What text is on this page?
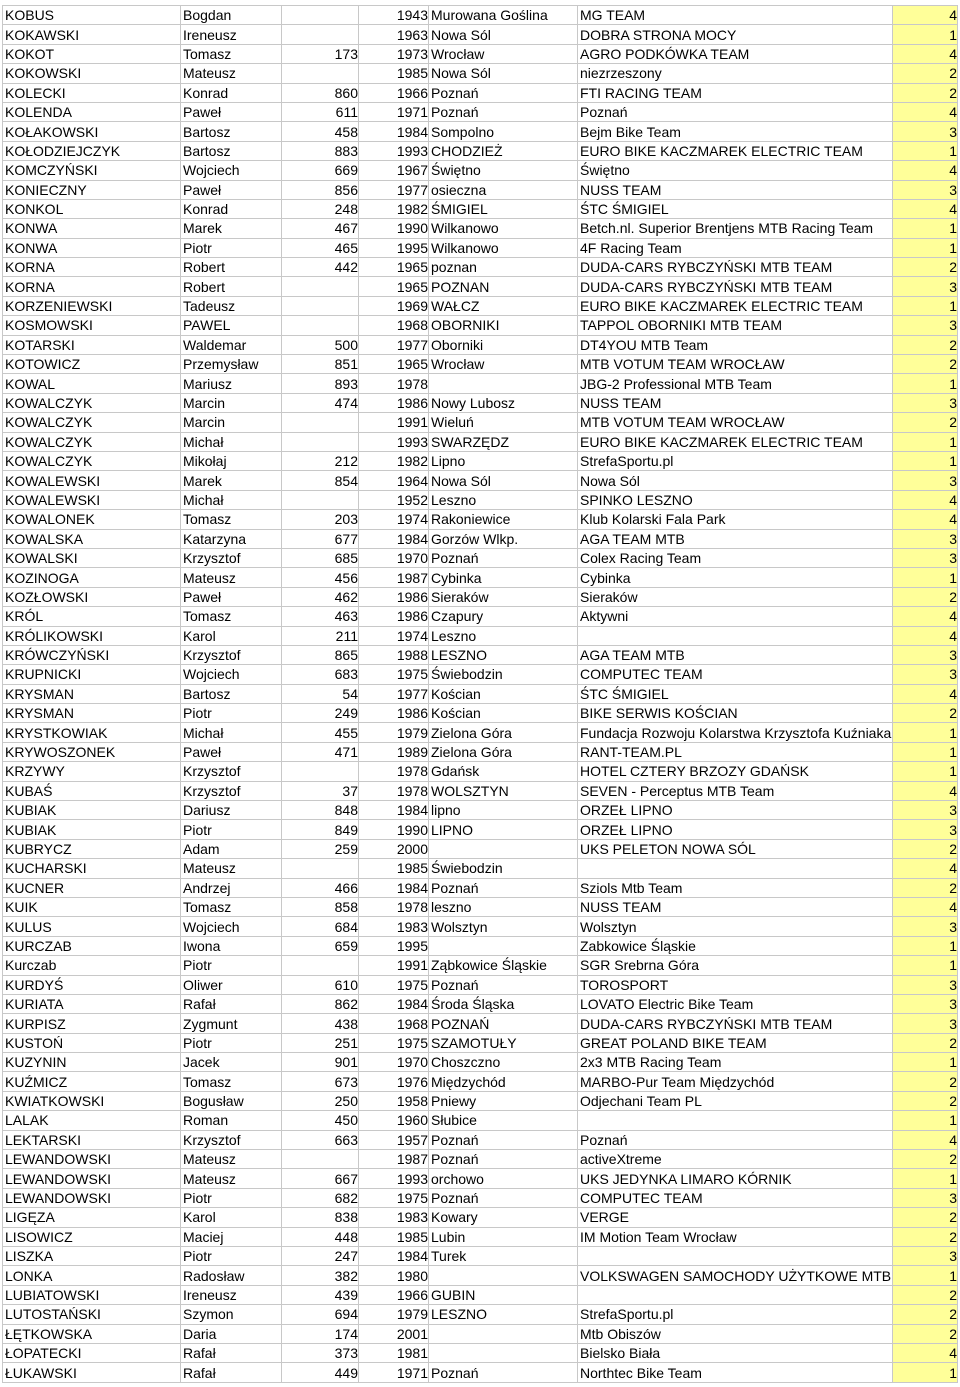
KOBUS	Bogdan		1943	Murowana Goślina	MG TEAM	4
KOKAWSKI	Ireneusz		1963	Nowa Sól	DOBRA STRONA MOCY	1
KOKOT	Tomasz	173	1973	Wrocław	AGRO PODKÓWKA TEAM	4
KOKOWSKI	Mateusz		1985	Nowa Sól	niezrzeszony	2
KOLECKI	Konrad	860	1966	Poznań	FTI RACING TEAM	2
KOLENDA	Paweł	611	1971	Poznań	Poznań	4
KOŁAKOWSKI	Bartosz	458	1984	Sompolno	Bejm Bike Team	3
KOŁODZIEJCZYK	Bartosz	883	1993	CHODZIEŻ	EURO BIKE KACZMAREK ELECTRIC TEAM	1
KOMCZYŃSKI	Wojciech	669	1967	Świętno	Świętno	4
KONIECZNY	Paweł	856	1977	osieczna	NUSS TEAM	3
KONKOL	Konrad	248	1982	ŚMIGIEL	ŚTC ŚMIGIEL	4
KONWA	Marek	467	1990	Wilkanowo	Betch.nl. Superior Brentjens MTB Racing Team	1
KONWA	Piotr	465	1995	Wilkanowo	4F Racing Team	1
KORNA	Robert	442	1965	poznan	DUDA-CARS RYBCZYŃSKI MTB TEAM	2
KORNA	Robert		1965	POZNAN	DUDA-CARS RYBCZYŃSKI MTB TEAM	3
KORZENIEWSKI	Tadeusz		1969	WAŁCZ	EURO BIKE KACZMAREK ELECTRIC TEAM	1
KOSMOWSKI	PAWEL		1968	OBORNIKI	TAPPOL OBORNIKI MTB TEAM	3
KOTARSKI	Waldemar	500	1977	Oborniki	DT4YOU MTB Team	2
KOTOWICZ	Przemysław	851	1965	Wrocław	MTB VOTUM TEAM WROCŁAW	2
KOWAL	Mariusz	893	1978		JBG-2 Professional MTB Team	1
KOWALCZYK	Marcin	474	1986	Nowy Lubosz	NUSS TEAM	3
KOWALCZYK	Marcin		1991	Wieluń	MTB VOTUM TEAM WROCŁAW	2
KOWALCZYK	Michał		1993	SWARZĘDZ	EURO BIKE KACZMAREK ELECTRIC TEAM	1
KOWALCZYK	Mikołaj	212	1982	Lipno	StrefaSportu.pl	1
KOWALEWSKI	Marek	854	1964	Nowa Sól	Nowa Sól	3
KOWALEWSKI	Michał		1952	Leszno	SPINKO LESZNO	4
KOWALONEK	Tomasz	203	1974	Rakoniewice	Klub Kolarski Fala Park	4
KOWALSKA	Katarzyna	677	1984	Gorzów Wlkp.	AGA TEAM MTB	3
KOWALSKI	Krzysztof	685	1970	Poznań	Colex Racing Team	3
KOZINOGA	Mateusz	456	1987	Cybinka	Cybinka	1
KOZŁOWSKI	Paweł	462	1986	Sieraków	Sieraków	2
KRÓL	Tomasz	463	1986	Czapury	Aktywni	4
KRÓLIKOWSKI	Karol	211	1974	Leszno		4
KRÓWCZYŃSKI	Krzysztof	865	1988	LESZNO	AGA TEAM MTB	3
KRUPNICKI	Wojciech	683	1975	Świebodzin	COMPUTEC TEAM	3
KRYSMAN	Bartosz	54	1977	Kościan	ŚTC ŚMIGIEL	4
KRYSMAN	Piotr	249	1986	Kościan	BIKE SERWIS KOŚCIAN	2
KRYSTKOWIAK	Michał	455	1979	Zielona Góra	Fundacja Rozwoju Kolarstwa Krzysztofa Kuźniaka	1
KRYWOSZONEK	Paweł	471	1989	Zielona Góra	RANT-TEAM.PL	1
KRZYWY	Krzysztof		1978	Gdańsk	HOTEL CZTERY BRZOZY GDAŃSK	1
KUBAŚ	Krzysztof	37	1978	WOLSZTYN	SEVEN - Perceptus MTB Team	4
KUBIAK	Dariusz	848	1984	lipno	ORZEŁ LIPNO	3
KUBIAK	Piotr	849	1990	LIPNO	ORZEŁ LIPNO	3
KUBRYCZ	Adam	259	2000		UKS PELETON NOWA SÓL	2
KUCHARSKI	Mateusz		1985	Świebodzin		4
KUCNER	Andrzej	466	1984	Poznań	Sziols Mtb Team	2
KUIK	Tomasz	858	1978	leszno	NUSS TEAM	4
KULUS	Wojciech	684	1983	Wolsztyn	Wolsztyn	3
KURCZAB	Iwona	659	1995		Zabkowice Śląskie	1
Kurczab	Piotr		1991	Ząbkowice Śląskie	SGR Srebrna Góra	1
KURDYŚ	Oliwer	610	1975	Poznań	TOROSPORT	3
KURIATA	Rafał	862	1984	Środa Śląska	LOVATO Electric Bike Team	3
KURPISZ	Zygmunt	438	1968	POZNAŃ	DUDA-CARS RYBCZYŃSKI MTB TEAM	3
KUSTOŃ	Piotr	251	1975	SZAMOTUŁY	GREAT POLAND BIKE TEAM	2
KUZYNIN	Jacek	901	1970	Choszczno	2x3 MTB Racing Team	1
KUŹMICZ	Tomasz	673	1976	Międzychód	MARBO-Pur Team Międzychód	2
KWIATKOWSKI	Bogusław	250	1958	Pniewy	Odjechani Team PL	2
LALAK	Roman	450	1960	Słubice		1
LEKTARSKI	Krzysztof	663	1957	Poznań	Poznań	4
LEWANDOWSKI	Mateusz		1987	Poznań	activeXtreme	2
LEWANDOWSKI	Mateusz	667	1993	orchowo	UKS JEDYNKA LIMARO KÓRNIK	1
LEWANDOWSKI	Piotr	682	1975	Poznań	COMPUTEC TEAM	3
LIGĘZA	Karol	838	1983	Kowary	VERGE	2
LISOWICZ	Maciej	448	1985	Lubin	IM Motion Team Wrocław	2
LISZKA	Piotr	247	1984	Turek		3
LONKA	Radosław	382	1980		VOLKSWAGEN SAMOCHODY UŻYTKOWE MTB	1
LUBIATOWSKI	Ireneusz	439	1966	GUBIN		2
LUTOSTAŃSKI	Szymon	694	1979	LESZNO	StrefaSportu.pl	2
ŁĘTKOWSKA	Daria	174	2001		Mtb Obiszów	2
ŁOPATECKI	Rafał	373	1981		Bielsko Biała	4
ŁUKAWSKI	Rafał	449	1971	Poznań	Northtec Bike Team	1
